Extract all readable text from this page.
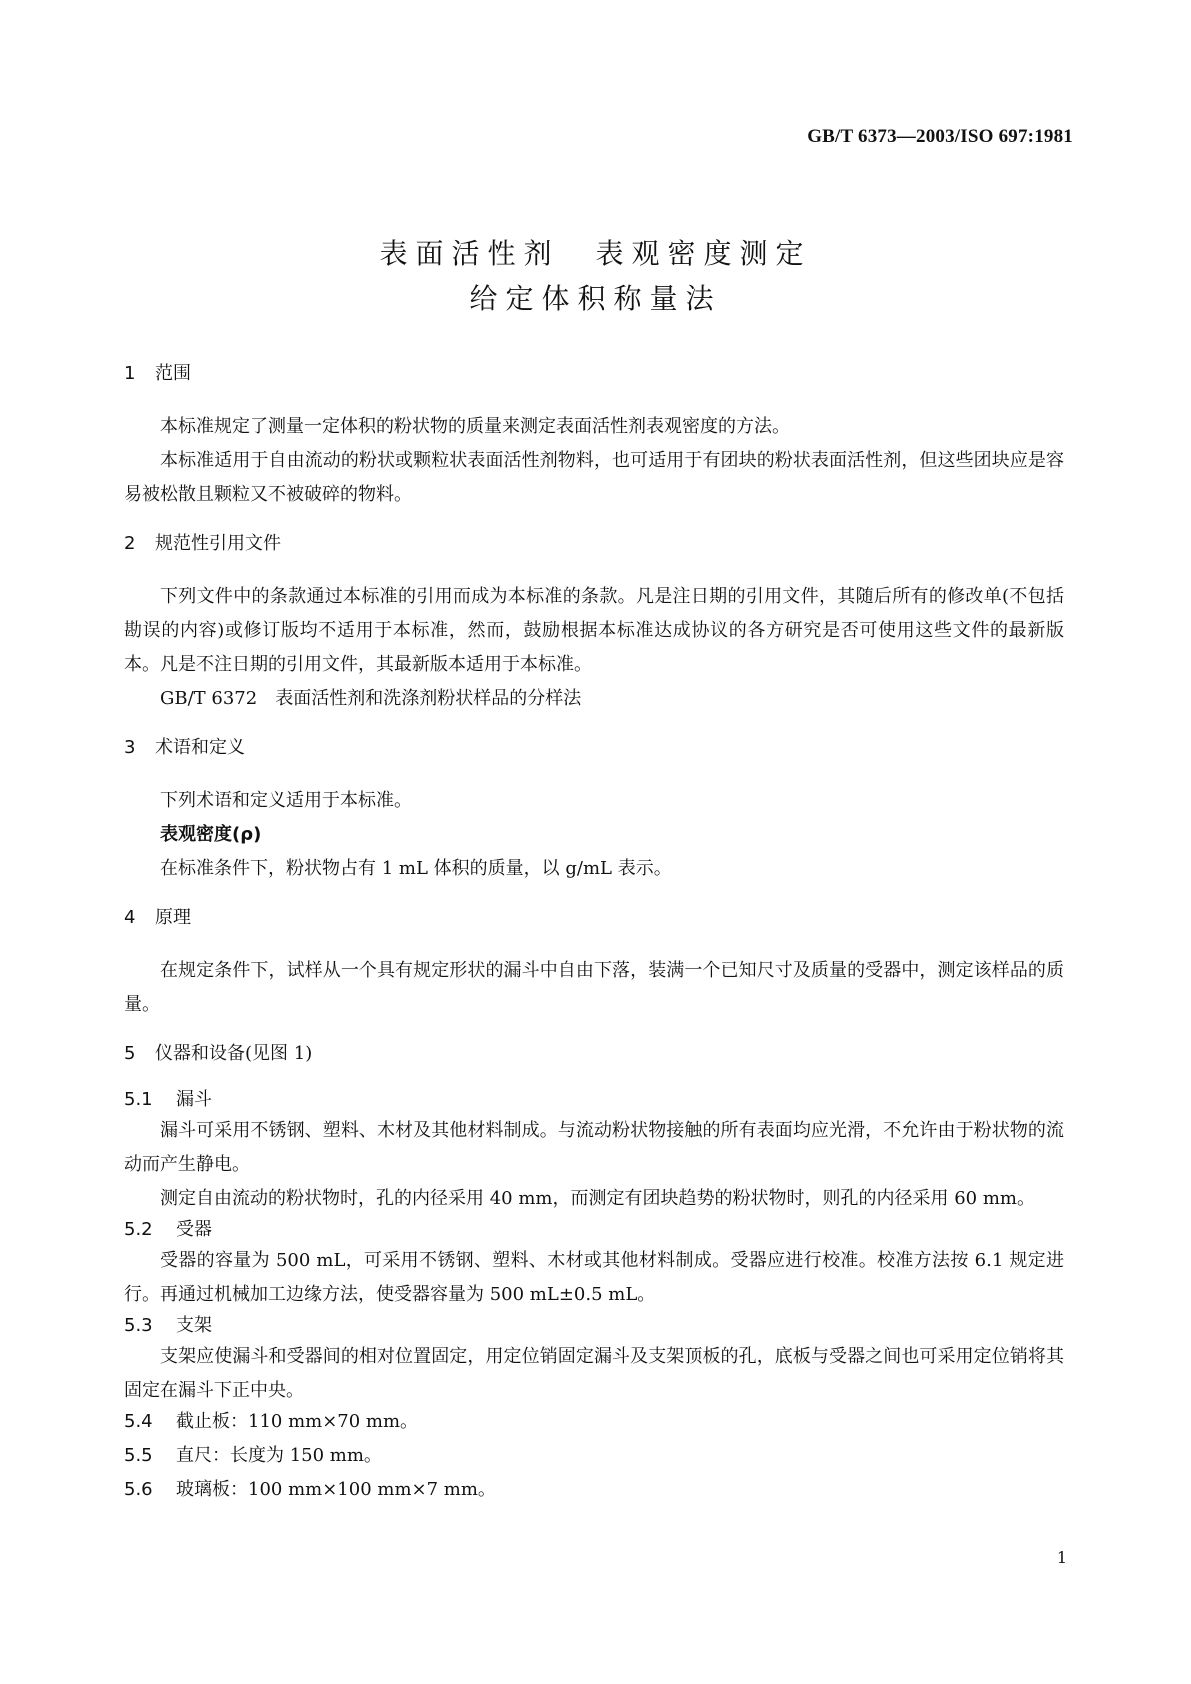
GB/T 6373—2003/ISO 697:1981
表面活性剂　表观密度测定
给定体积称量法
1 范围

本标准规定了测量一定体积的粉状物的质量来测定表面活性剂表观密度的方法。

本标准适用于自由流动的粉状或颗粒状表面活性剂物料，也可适用于有团块的粉状表面活性剂，但这些团块应是容易被松散且颗粒又不被破碎的物料。

2 规范性引用文件

下列文件中的条款通过本标准的引用而成为本标准的条款。凡是注日期的引用文件，其随后所有的修改单(不包括勘误的内容)或修订版均不适用于本标准，然而，鼓励根据本标准达成协议的各方研究是否可使用这些文件的最新版本。凡是不注日期的引用文件，其最新版本适用于本标准。

GB/T 6372　表面活性剂和洗涤剂粉状样品的分样法

3 术语和定义

下列术语和定义适用于本标准。

表观密度(ρ)

在标准条件下，粉状物占有 1 mL 体积的质量，以 g/mL 表示。

4 原理

在规定条件下，试样从一个具有规定形状的漏斗中自由下落，装满一个已知尺寸及质量的受器中，测定该样品的质量。

5 仪器和设备(见图 1)
5.1 漏斗

漏斗可采用不锈钢、塑料、木材及其他材料制成。与流动粉状物接触的所有表面均应光滑，不允许由于粉状物的流动而产生静电。

测定自由流动的粉状物时，孔的内径采用 40 mm，而测定有团块趋势的粉状物时，则孔的内径采用 60 mm。

5.2 受器

受器的容量为 500 mL，可采用不锈钢、塑料、木材或其他材料制成。受器应进行校准。校准方法按 6.1 规定进行。再通过机械加工边缘方法，使受器容量为 500 mL±0.5 mL。

5.3 支架

支架应使漏斗和受器间的相对位置固定，用定位销固定漏斗及支架顶板的孔，底板与受器之间也可采用定位销将其固定在漏斗下正中央。

5.4 截止板：110 mm×70 mm。
5.5 直尺：长度为 150 mm。
5.6 玻璃板：100 mm×100 mm×7 mm。
1
